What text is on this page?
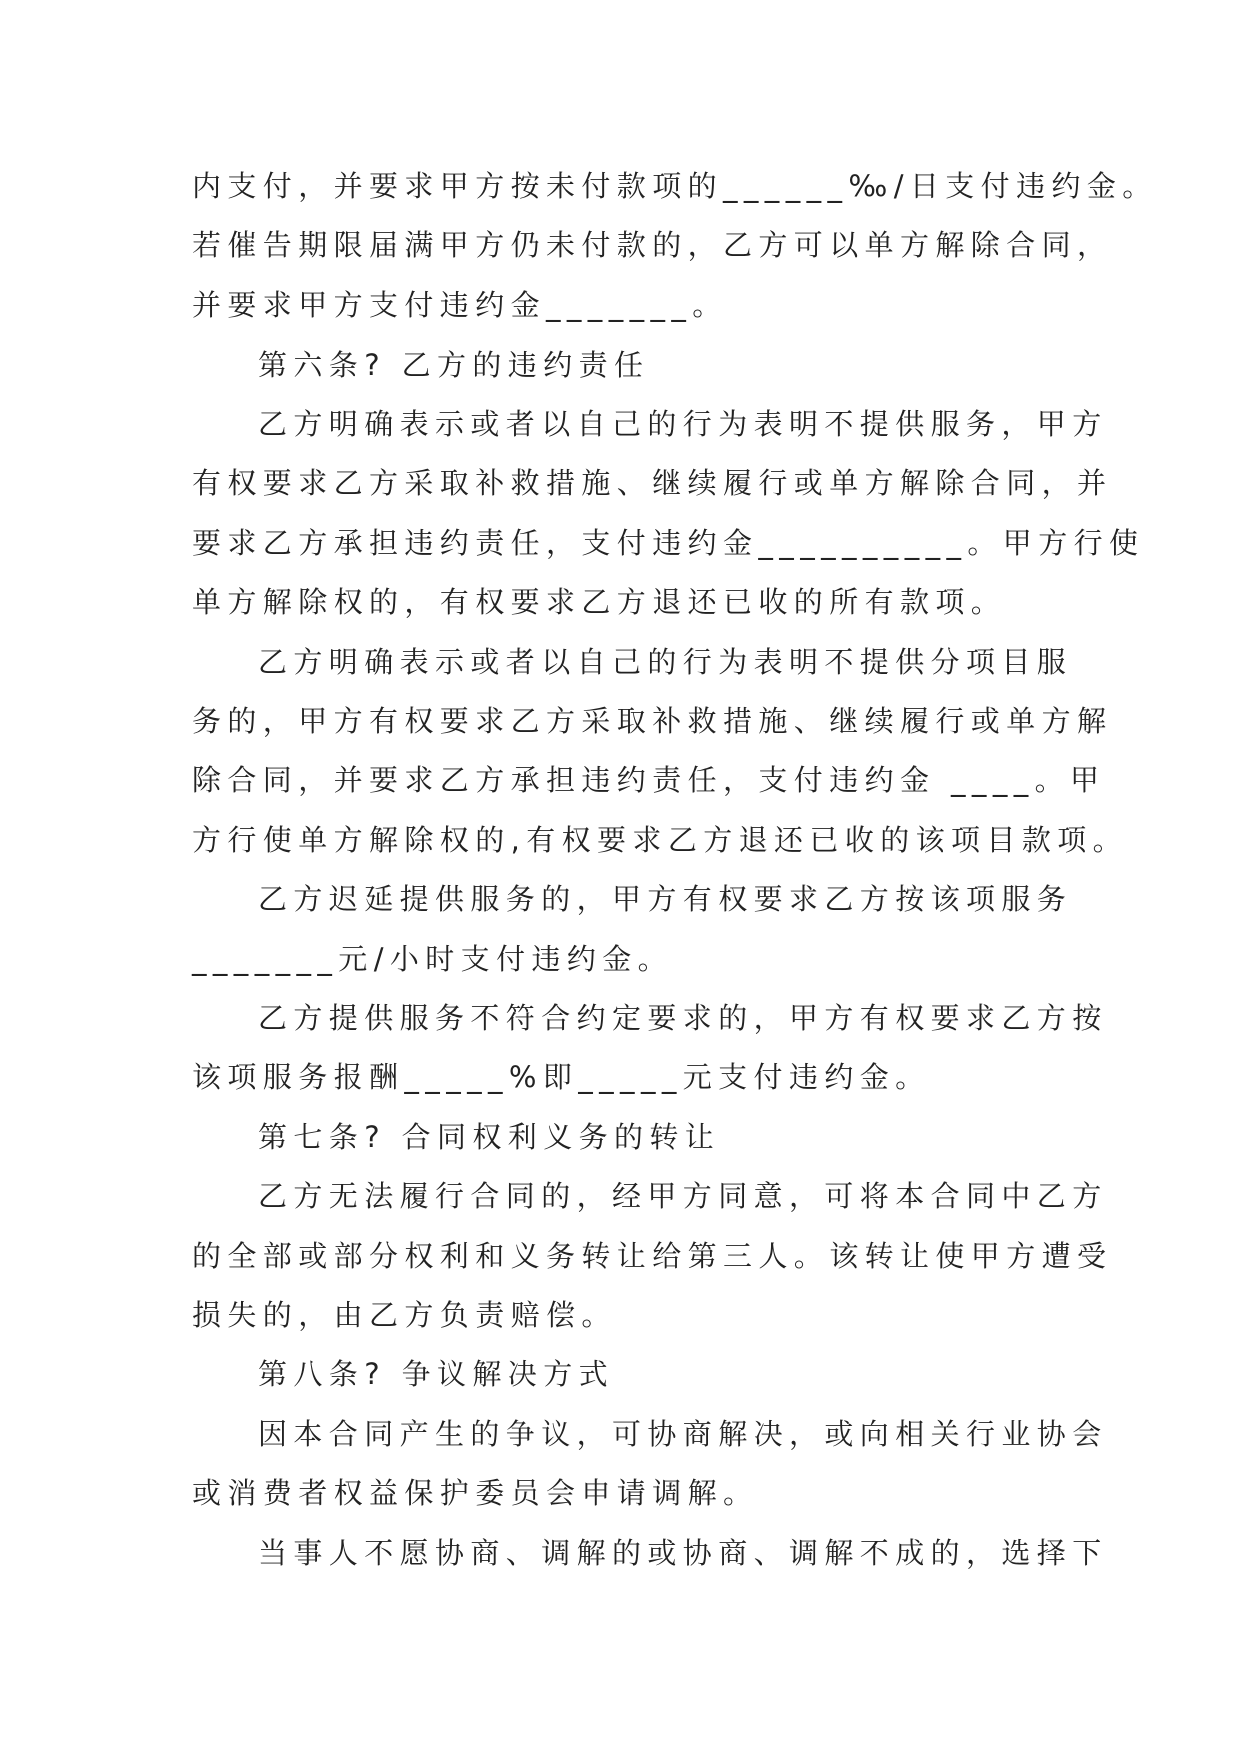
内支付，并要求甲方按未付款项的______‰/日支付违约金。
若催告期限届满甲方仍未付款的，乙方可以单方解除合同，
并要求甲方支付违约金_______。
第六条? 乙方的违约责任
乙方明确表示或者以自己的行为表明不提供服务，甲方
有权要求乙方采取补救措施、继续履行或单方解除合同，并
要求乙方承担违约责任，支付违约金__________。甲方行使
单方解除权的，有权要求乙方退还已收的所有款项。
乙方明确表示或者以自己的行为表明不提供分项目服
务的，甲方有权要求乙方采取补救措施、继续履行或单方解
除合同，并要求乙方承担违约责任，支付违约金 ____。甲
方行使单方解除权的,有权要求乙方退还已收的该项目款项。
乙方迟延提供服务的，甲方有权要求乙方按该项服务
_______元/小时支付违约金。
乙方提供服务不符合约定要求的，甲方有权要求乙方按
该项服务报酬_____%即_____元支付违约金。
第七条? 合同权利义务的转让
乙方无法履行合同的，经甲方同意，可将本合同中乙方
的全部或部分权利和义务转让给第三人。该转让使甲方遭受
损失的，由乙方负责赔偿。
第八条? 争议解决方式
因本合同产生的争议，可协商解决，或向相关行业协会
或消费者权益保护委员会申请调解。
当事人不愿协商、调解的或协商、调解不成的，选择下
